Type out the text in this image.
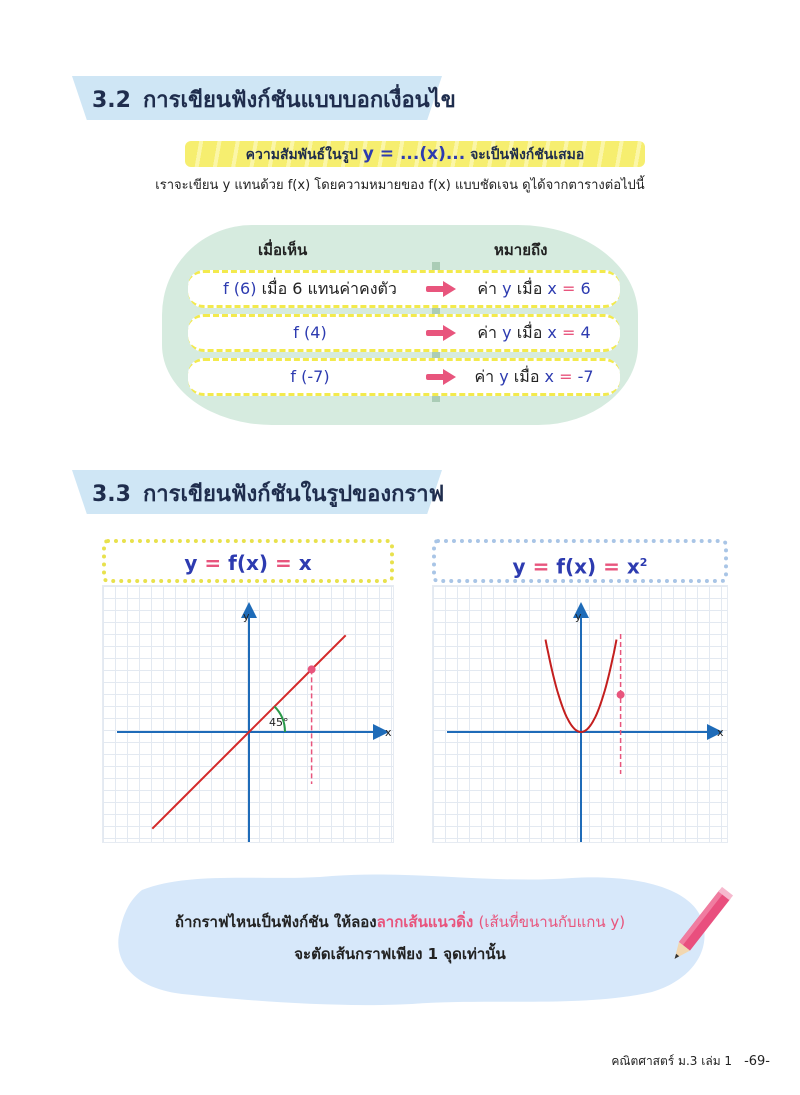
3.2 การเขียนฟังก์ชันแบบบอกเงื่อนไข
ความสัมพันธ์ในรูป y = ...(x)... จะเป็นฟังก์ชันเสมอ
เราจะเขียน y แทนด้วย f(x) โดยความหมายของ f(x) แบบชัดเจน ดูได้จากตารางต่อไปนี้
เมื่อเห็น	หมายถึง
f (6) เมื่อ 6 แทนค่าคงตัว	ค่า y เมื่อ x = 6
f (4)	ค่า y เมื่อ x = 4
f (-7)	ค่า y เมื่อ x = -7
3.3 การเขียนฟังก์ชันในรูปของกราฟ
y = f(x) = x	$y = f(x) = x^2$
x
y
45°
x
y
ถ้ากราฟไหนเป็นฟังก์ชัน ให้ลองลากเส้นแนวดิ่ง (เส้นที่ขนานกับแกน y)
จะตัดเส้นกราฟเพียง 1 จุดเท่านั้น
คณิตศาสตร์ ม.3 เล่ม 1 -69-
